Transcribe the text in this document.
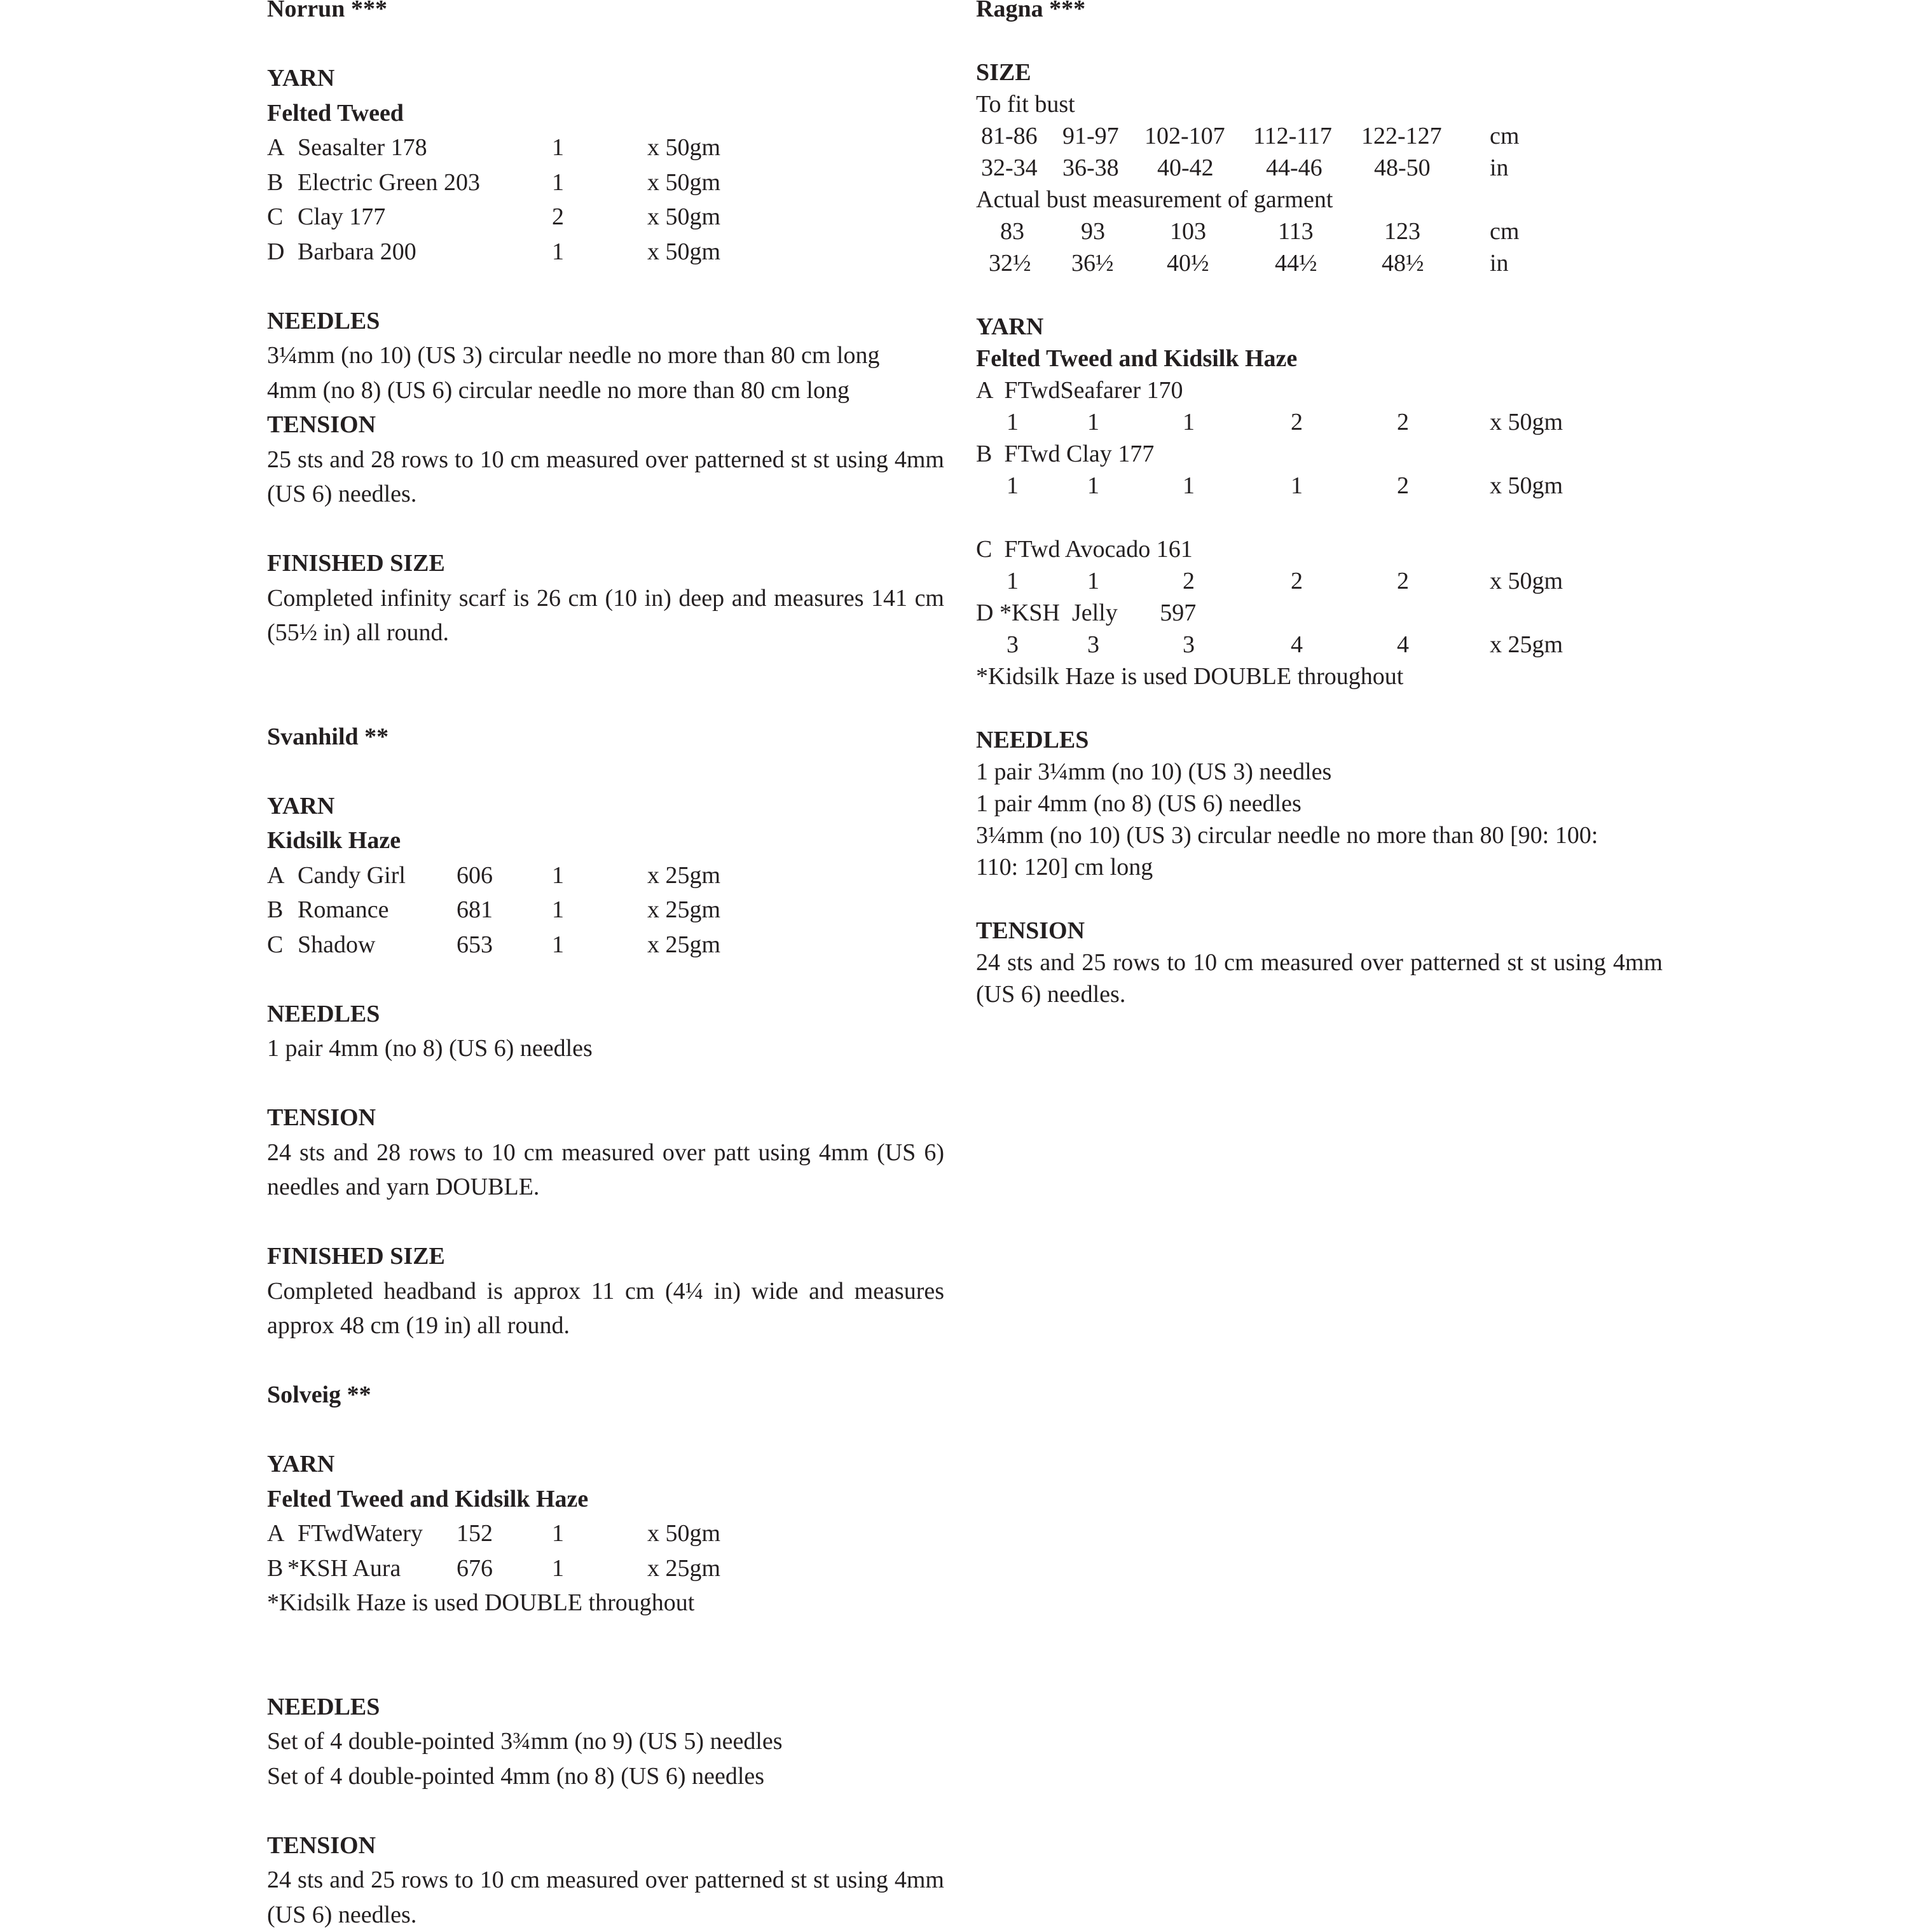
Norrun ***
YARN
Felted Tweed
A Seasalter 178	1	x 50gm
B Electric Green 203	1	x 50gm
C Clay 177	2	x 50gm
D Barbara 200	1	x 50gm
NEEDLES
3¼mm (no 10) (US 3) circular needle no more than 80 cm long
4mm (no 8) (US 6) circular needle no more than 80 cm long
TENSION
25 sts and 28 rows to 10 cm measured over patterned st st using 4mm (US 6) needles.
FINISHED SIZE
Completed infinity scarf is 26 cm (10 in) deep and measures 141 cm (55½ in) all round.
Svanhild **
YARN
Kidsilk Haze
A Candy Girl 606 1	x 25gm
B Romance	681 1	x 25gm
C Shadow	653 1	x 25gm
NEEDLES
1 pair 4mm (no 8) (US 6) needles
TENSION
24 sts and 28 rows to 10 cm measured over patt using 4mm (US 6) needles and yarn DOUBLE.
FINISHED SIZE
Completed headband is approx 11 cm (4¼ in) wide and measures approx 48 cm (19 in) all round.
Solveig **
YARN
Felted Tweed and Kidsilk Haze
A FTwdWatery 152 1	x 50gm
B *KSH Aura 676 1	x 25gm
*Kidsilk Haze is used DOUBLE throughout
NEEDLES
Set of 4 double-pointed 3¾mm (no 9) (US 5) needles
Set of 4 double-pointed 4mm (no 8) (US 6) needles
TENSION
24 sts and 25 rows to 10 cm measured over patterned st st using 4mm (US 6) needles.
Ragna ***
SIZE
To fit bust
81-86 91-97 102-107 112-117 122-127 cm
32-34 36-38 40-42 44-46 48-50 in
Actual bust measurement of garment
83 93	103	113	123	cm
32½ 36½ 40½	44½	48½	in
YARN
Felted Tweed and Kidsilk Haze
A  FTwdSeafarer 170
1	1	1	2	2	x 50gm
B  FTwd Clay 177
1	1	1	1	2	x 50gm
C  FTwd Avocado 161
1	1	2	2	2	x 50gm
D *KSH  Jelly       597
3	3	3	4	4	x 25gm
*Kidsilk Haze is used DOUBLE throughout
NEEDLES
1 pair 3¼mm (no 10) (US 3) needles
1 pair 4mm (no 8) (US 6) needles
3¼mm (no 10) (US 3) circular needle no more than 80 [90: 100:
110: 120] cm long
TENSION
24 sts and 25 rows to 10 cm measured over patterned st st using 4mm (US 6) needles.
